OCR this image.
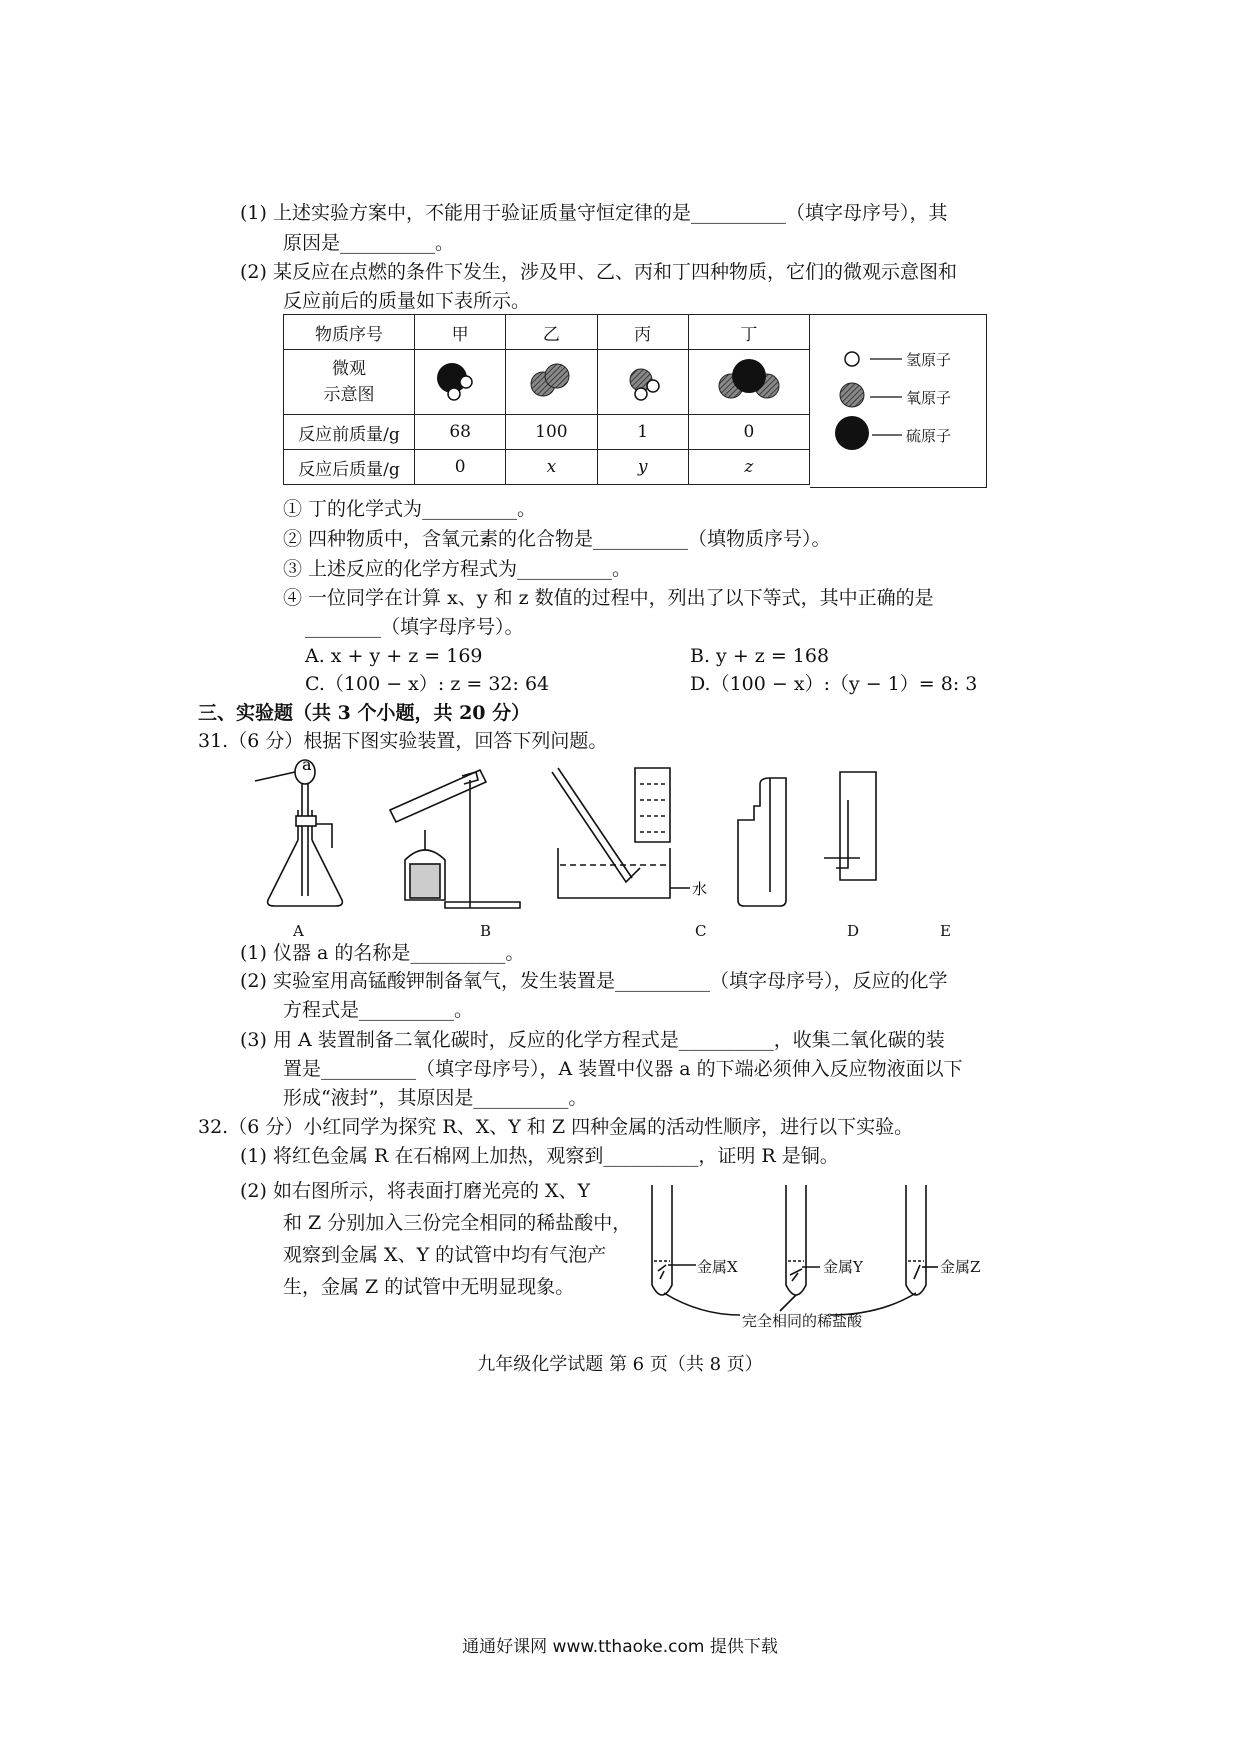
(1) 上述实验方案中，不能用于验证质量守恒定律的是__________（填字母序号），其
原因是__________。
(2) 某反应在点燃的条件下发生，涉及甲、乙、丙和丁四种物质，它们的微观示意图和
反应前后的质量如下表所示。
物质序号	甲	乙	丙	丁
微观
示意图				
反应前质量/g	68	100	1	0
反应后质量/g	0	x	y	z
氢原子
氧原子
硫原子
① 丁的化学式为__________。
② 四种物质中，含氧元素的化合物是__________（填物质序号）。
③ 上述反应的化学方程式为__________。
④ 一位同学在计算 x、y 和 z 数值的过程中，列出了以下等式，其中正确的是
________（填字母序号）。
A. x + y + z = 169	B. y + z = 168
C.（100 − x）: z = 32: 64	D.（100 − x）:（y − 1）= 8: 3
三、实验题（共 3 个小题，共 20 分）
31.（6 分）根据下图实验装置，回答下列问题。
a
水
A	B	C	D	E
(1) 仪器 a 的名称是__________。
(2) 实验室用高锰酸钾制备氧气，发生装置是__________（填字母序号），反应的化学
方程式是__________。
(3) 用 A 装置制备二氧化碳时，反应的化学方程式是__________，收集二氧化碳的装
置是__________（填字母序号），A 装置中仪器 a 的下端必须伸入反应物液面以下
形成“液封”，其原因是__________。
32.（6 分）小红同学为探究 R、X、Y 和 Z 四种金属的活动性顺序，进行以下实验。
(1) 将红色金属 R 在石棉网上加热，观察到__________，证明 R 是铜。
(2) 如右图所示，将表面打磨光亮的 X、Y
和 Z 分别加入三份完全相同的稀盐酸中，
观察到金属 X、Y 的试管中均有气泡产
生，金属 Z 的试管中无明显现象。
金属X	金属Y	金属Z
完全相同的稀盐酸
九年级化学试题 第 6 页（共 8 页）
通通好课网 www.tthaoke.com 提供下载
